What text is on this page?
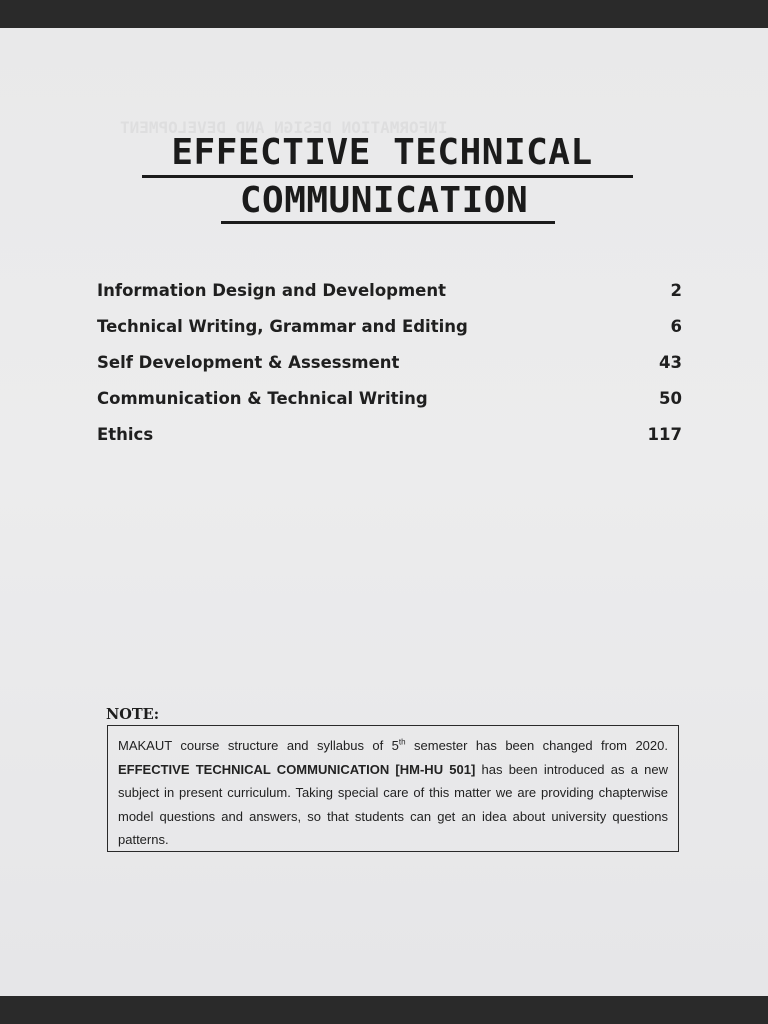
INFORMATION DESIGN AND DEVELOPMENT
EFFECTIVE TECHNICAL
COMMUNICATION
Information Design and Development	2
Technical Writing, Grammar and Editing	6
Self Development & Assessment	43
Communication & Technical Writing	50
Ethics	117
NOTE:
MAKAUT course structure and syllabus of 5th semester has been changed from 2020. EFFECTIVE TECHNICAL COMMUNICATION [HM-HU 501] has been introduced as a new subject in present curriculum. Taking special care of this matter we are providing chapterwise model questions and answers, so that students can get an idea about university questions patterns.
